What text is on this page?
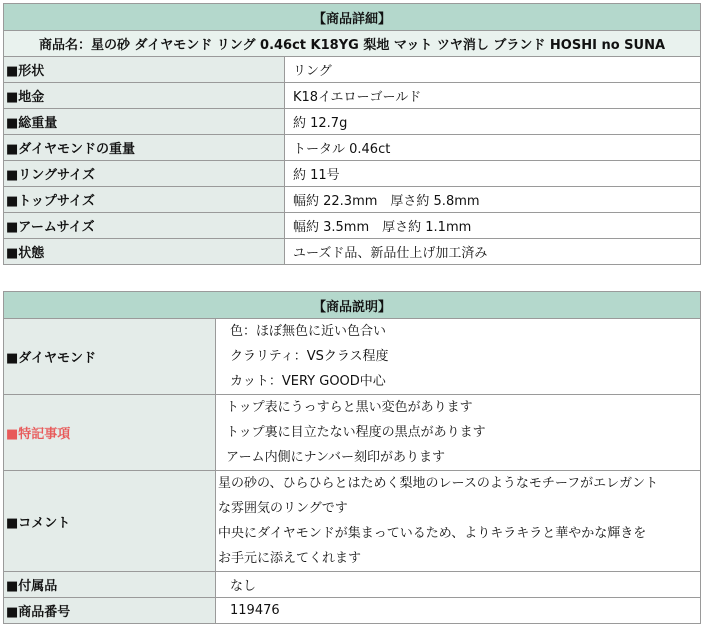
【商品詳細】	
商品名：星の砂 ダイヤモンド リング 0.46ct K18YG 梨地 マット ツヤ消し ブランド HOSHI no SUNA	
■ 形状	リング
■ 地金	K18イエローゴールド
■ 総重量	約 12.7g
■ ダイヤモンドの重量	トータル 0.46ct
■ リングサイズ	約 11号
■ トップサイズ	幅約 22.3mm　厚さ約 5.8mm
■ アームサイズ	幅約 3.5mm　厚さ約 1.1mm
■ 状態	ユーズド品、新品仕上げ加工済み
【商品説明】	
■ ダイヤモンド	色：ほぼ無色に近い色合い
クラリティ：VSクラス程度
カット：VERY GOOD中心

■ 特記事項	トップ表にうっすらと黒い変色があります
トップ裏に目立たない程度の黒点があります
アーム内側にナンバー刻印があります

■ コメント	星の砂の、ひらひらとはためく梨地のレースのようなモチーフがエレガント
な雰囲気のリングです
中央にダイヤモンドが集まっているため、よりキラキラと華やかな輝きを
お手元に添えてくれます

■ 付属品	なし
■ 商品番号	119476
